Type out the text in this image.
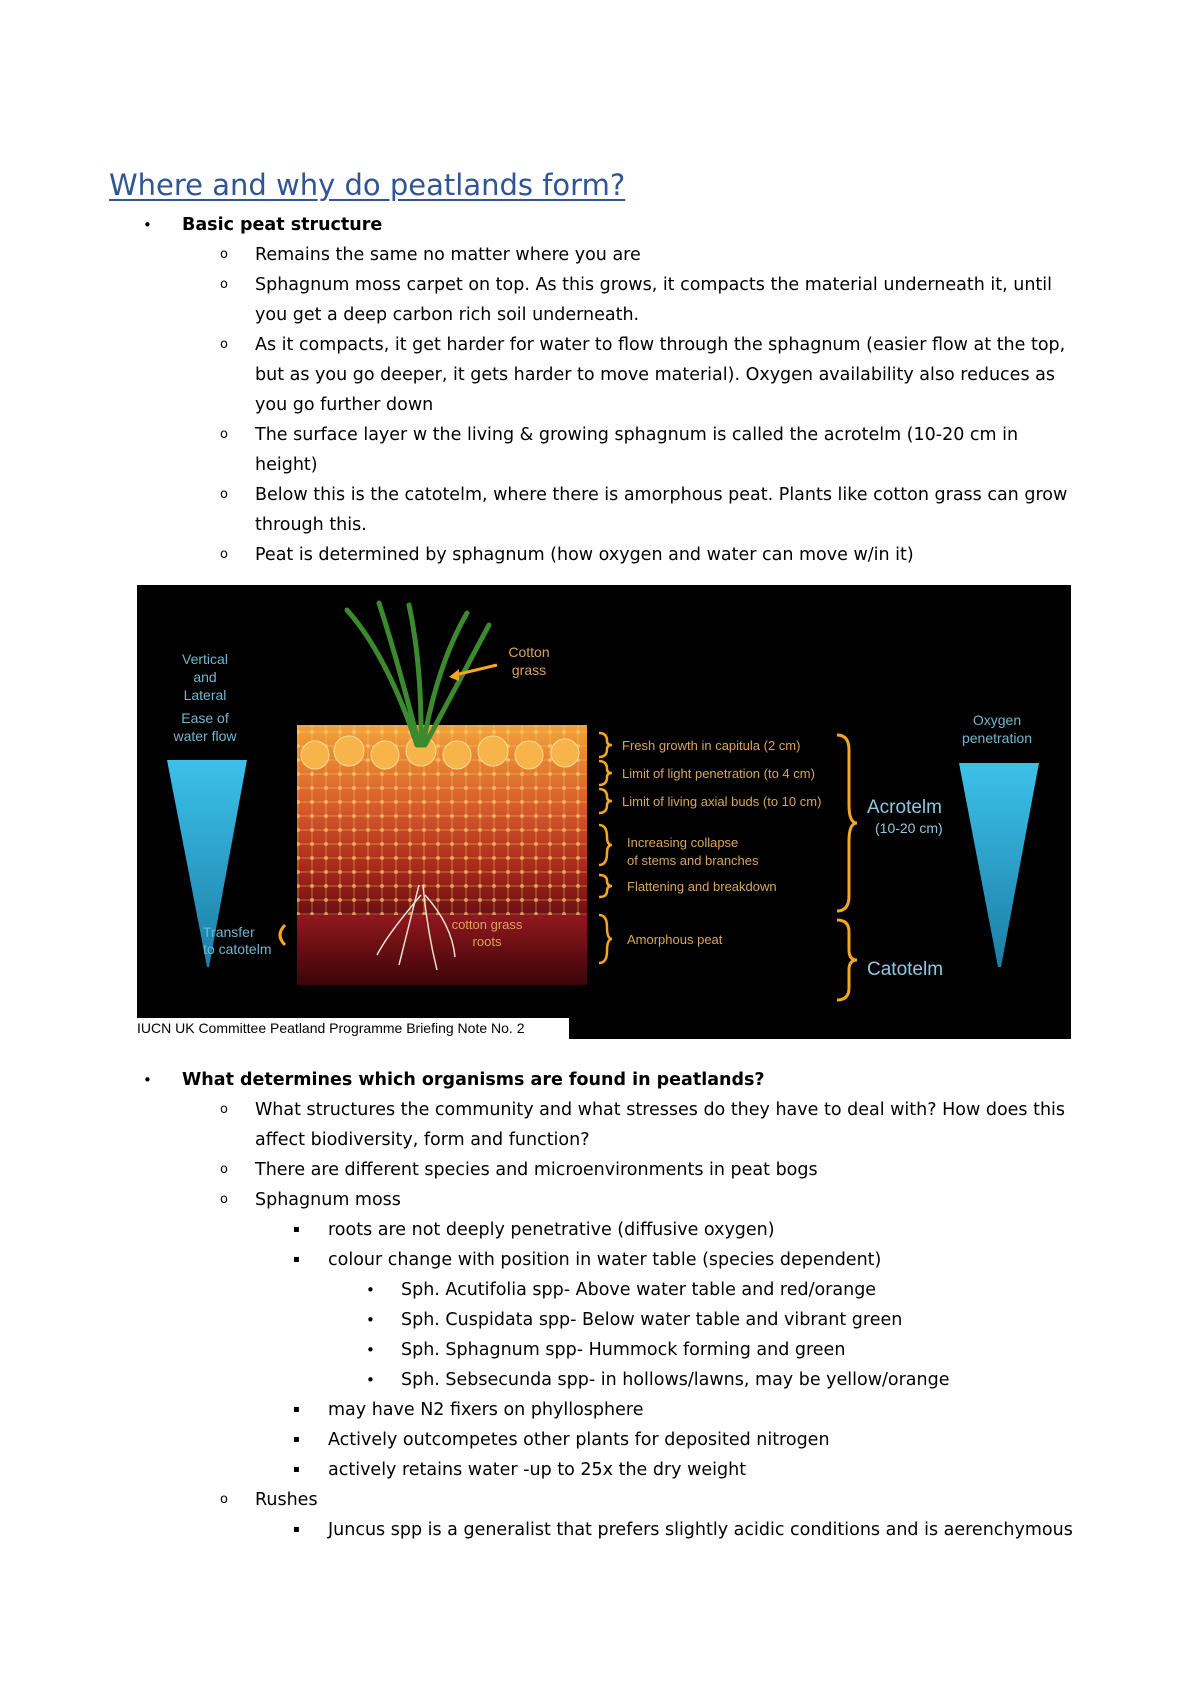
Where and why do peatlands form?
• Basic peat structure
o Remains the same no matter where you are
o Sphagnum moss carpet on top. As this grows, it compacts the material underneath it, until
you get a deep carbon rich soil underneath.
o As it compacts, it get harder for water to flow through the sphagnum (easier flow at the top,
but as you go deeper, it gets harder to move material). Oxygen availability also reduces as
you go further down
o The surface layer w the living & growing sphagnum is called the acrotelm (10-20 cm in
height)
o Below this is the catotelm, where there is amorphous peat. Plants like cotton grass can grow
through this.
o Peat is determined by sphagnum (how oxygen and water can move w/in it)
Vertical
and
Lateral
Ease of
water flow
Transfer
to catotelm
cotton grass
roots
Cotton
grass
Fresh growth in capitula (2 cm)
Limit of light penetration (to 4 cm)
Limit of living axial buds (to 10 cm)
Increasing collapse
of stems and branches
Flattening and breakdown
Amorphous peat
Acrotelm
(10-20 cm)
Catotelm
Oxygen
penetration
IUCN UK Committee Peatland Programme Briefing Note No. 2
• What determines which organisms are found in peatlands?
o What structures the community and what stresses do they have to deal with? How does this
affect biodiversity, form and function?
o There are different species and microenvironments in peat bogs
o Sphagnum moss
▪ roots are not deeply penetrative (diffusive oxygen)
▪ colour change with position in water table (species dependent)
• Sph. Acutifolia spp- Above water table and red/orange
• Sph. Cuspidata spp- Below water table and vibrant green
• Sph. Sphagnum spp- Hummock forming and green
• Sph. Sebsecunda spp- in hollows/lawns, may be yellow/orange
▪ may have N2 fixers on phyllosphere
▪ Actively outcompetes other plants for deposited nitrogen
▪ actively retains water -up to 25x the dry weight
o Rushes
▪ Juncus spp is a generalist that prefers slightly acidic conditions and is aerenchymous
